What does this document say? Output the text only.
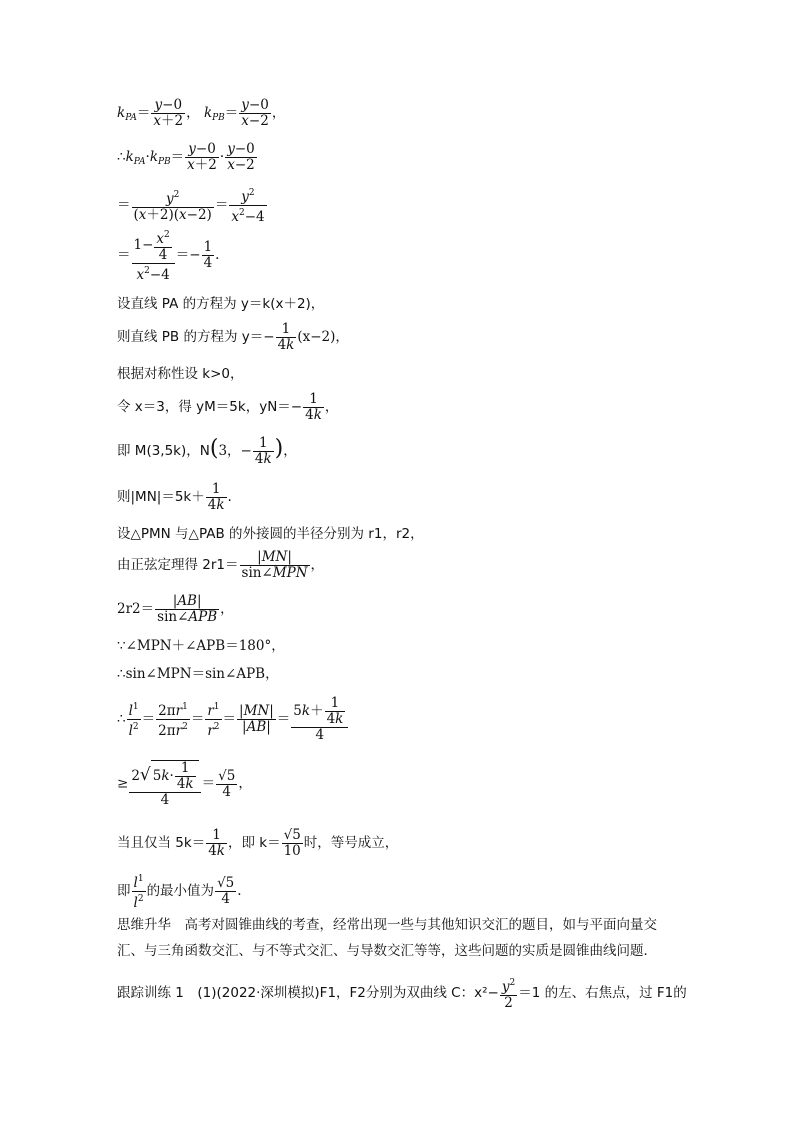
$k_{PA}= \frac{y-0}{x+2}$ ， $k_{PB}= \frac{y-0}{x-2}$ ，
$\therefore k_{PA}\cdot k_{PB}= \frac{y-0}{x+2} \cdot \frac{y-0}{x-2}$
＝ $\frac{y^2}{(x+2)(x-2)} = \frac{y^2}{x^2-4}$
＝ $\frac{1- \frac{x^2}{4}}{x^2-4} =- \frac{1}{4}$ .
设直线 PA 的方程为 y＝k(x＋2)，
则直线 PB 的方程为 $y=- \frac{1}{4k} (x-2)$，
根据对称性设 k>0，
令 x＝3，得 yM＝5k，$yN=- \frac{1}{4k}$ ，
即 M(3,5k)，N(3，− $\frac{1}{4k}$ )，
则$|MN|=5k+ \frac{1}{4k}$ .
设△PMN 与△PAB 的外接圆的半径分别为 r1，r2，
由正弦定理得 2r1＝	|MN|
sin∠MPN ，
2r2＝	|AB|
sin∠APB ，
∵∠MPN＋∠APB＝180°，
∴sin∠MPN＝sin∠APB，
∴ $\frac{l^1}{l^2} = \frac{2\pi r^1}{2\pi r^2} = \frac{r^1}{r^2} = \frac{|MN|}{|AB|} = \frac{5k+ \frac{1}{4k}}{4}$
≥ $\frac{2√ 5k\cdot \frac{1}{4k}}{4} = \frac{√5}{4}$ ，
当且仅当 $5k= \frac{1}{4k}$ ，即 $k= \frac{√5}{10}$ 时，等号成立，
即 $\frac{l^1}{l^2}$ 的最小值为 $\frac{√5}{4}$ .
思维升华　高考对圆锥曲线的考查，经常出现一些与其他知识交汇的题目，如与平面向量交汇、与三角函数交汇、与不等式交汇、与导数交汇等等，这些问题的实质是圆锥曲线问题．
跟踪训练 1　(1)(2022·深圳模拟)F1，F2分别为双曲线 C：$x^2- \frac{y^2}{2} =1$ 的左、右焦点，过 F1的
